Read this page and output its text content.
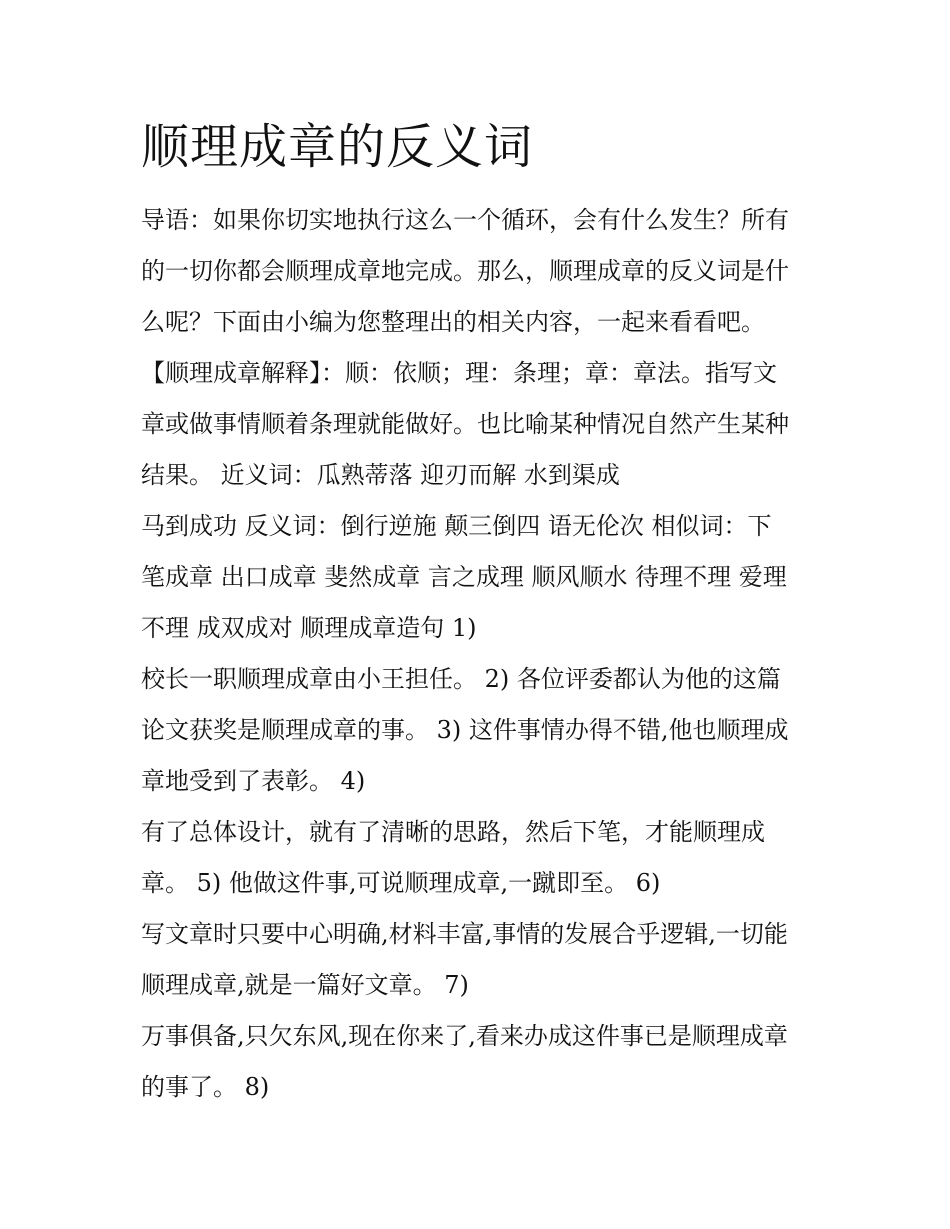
顺理成章的反义词

导语：如果你切实地执行这么一个循环，会有什么发生？所有

的一切你都会顺理成章地完成。那么，顺理成章的反义词是什

么呢？下面由小编为您整理出的相关内容，一起来看看吧。

【顺理成章解释】：顺：依顺；理：条理；章：章法。指写文

章或做事情顺着条理就能做好。也比喻某种情况自然产生某种

结果。 近义词：瓜熟蒂落 迎刃而解 水到渠成

马到成功 反义词：倒行逆施 颠三倒四 语无伦次 相似词：下

笔成章 出口成章 斐然成章 言之成理 顺风顺水 待理不理 爱理

不理 成双成对 顺理成章造句 1)

校长一职顺理成章由小王担任。 2) 各位评委都认为他的这篇

论文获奖是顺理成章的事。 3) 这件事情办得不错,他也顺理成

章地受到了表彰。 4)

有了总体设计，就有了清晰的思路，然后下笔，才能顺理成

章。 5) 他做这件事,可说顺理成章,一蹴即至。 6)

写文章时只要中心明确,材料丰富,事情的发展合乎逻辑,一切能

顺理成章,就是一篇好文章。 7)

万事俱备,只欠东风,现在你来了,看来办成这件事已是顺理成章

的事了。 8)
